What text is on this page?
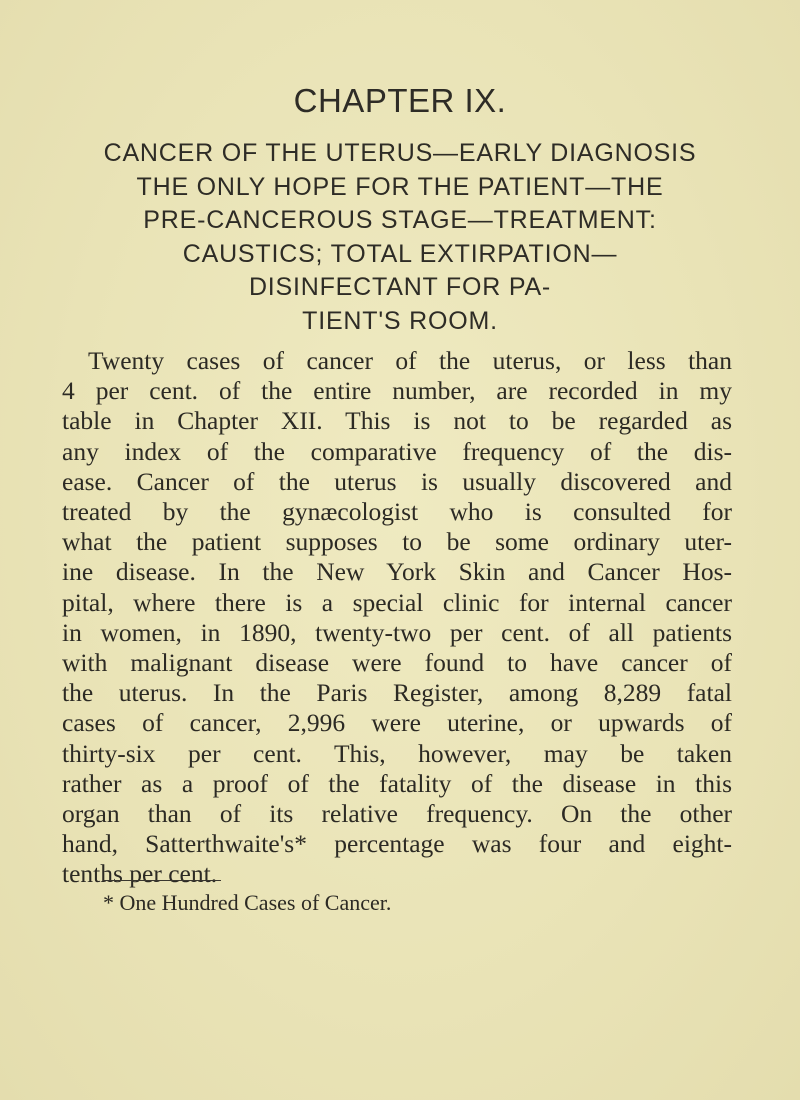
CHAPTER IX.
CANCER OF THE UTERUS—EARLY DIAGNOSIS
THE ONLY HOPE FOR THE PATIENT—THE
PRE-CANCEROUS STAGE—TREATMENT:
CAUSTICS; TOTAL EXTIRPATION—
DISINFECTANT FOR PA-
TIENT'S ROOM.
Twenty cases of cancer of the uterus, or less than
4 per cent. of the entire number, are recorded in my
table in Chapter XII. This is not to be regarded as
any index of the comparative frequency of the dis-
ease. Cancer of the uterus is usually discovered and
treated by the gynæcologist who is consulted for
what the patient supposes to be some ordinary uter-
ine disease. In the New York Skin and Cancer Hos-
pital, where there is a special clinic for internal cancer
in women, in 1890, twenty-two per cent. of all patients
with malignant disease were found to have cancer of
the uterus. In the Paris Register, among 8,289 fatal
cases of cancer, 2,996 were uterine, or upwards of
thirty-six per cent. This, however, may be taken
rather as a proof of the fatality of the disease in this
organ than of its relative frequency. On the other
hand, Satterthwaite's* percentage was four and eight-
tenths per cent.
* One Hundred Cases of Cancer.
